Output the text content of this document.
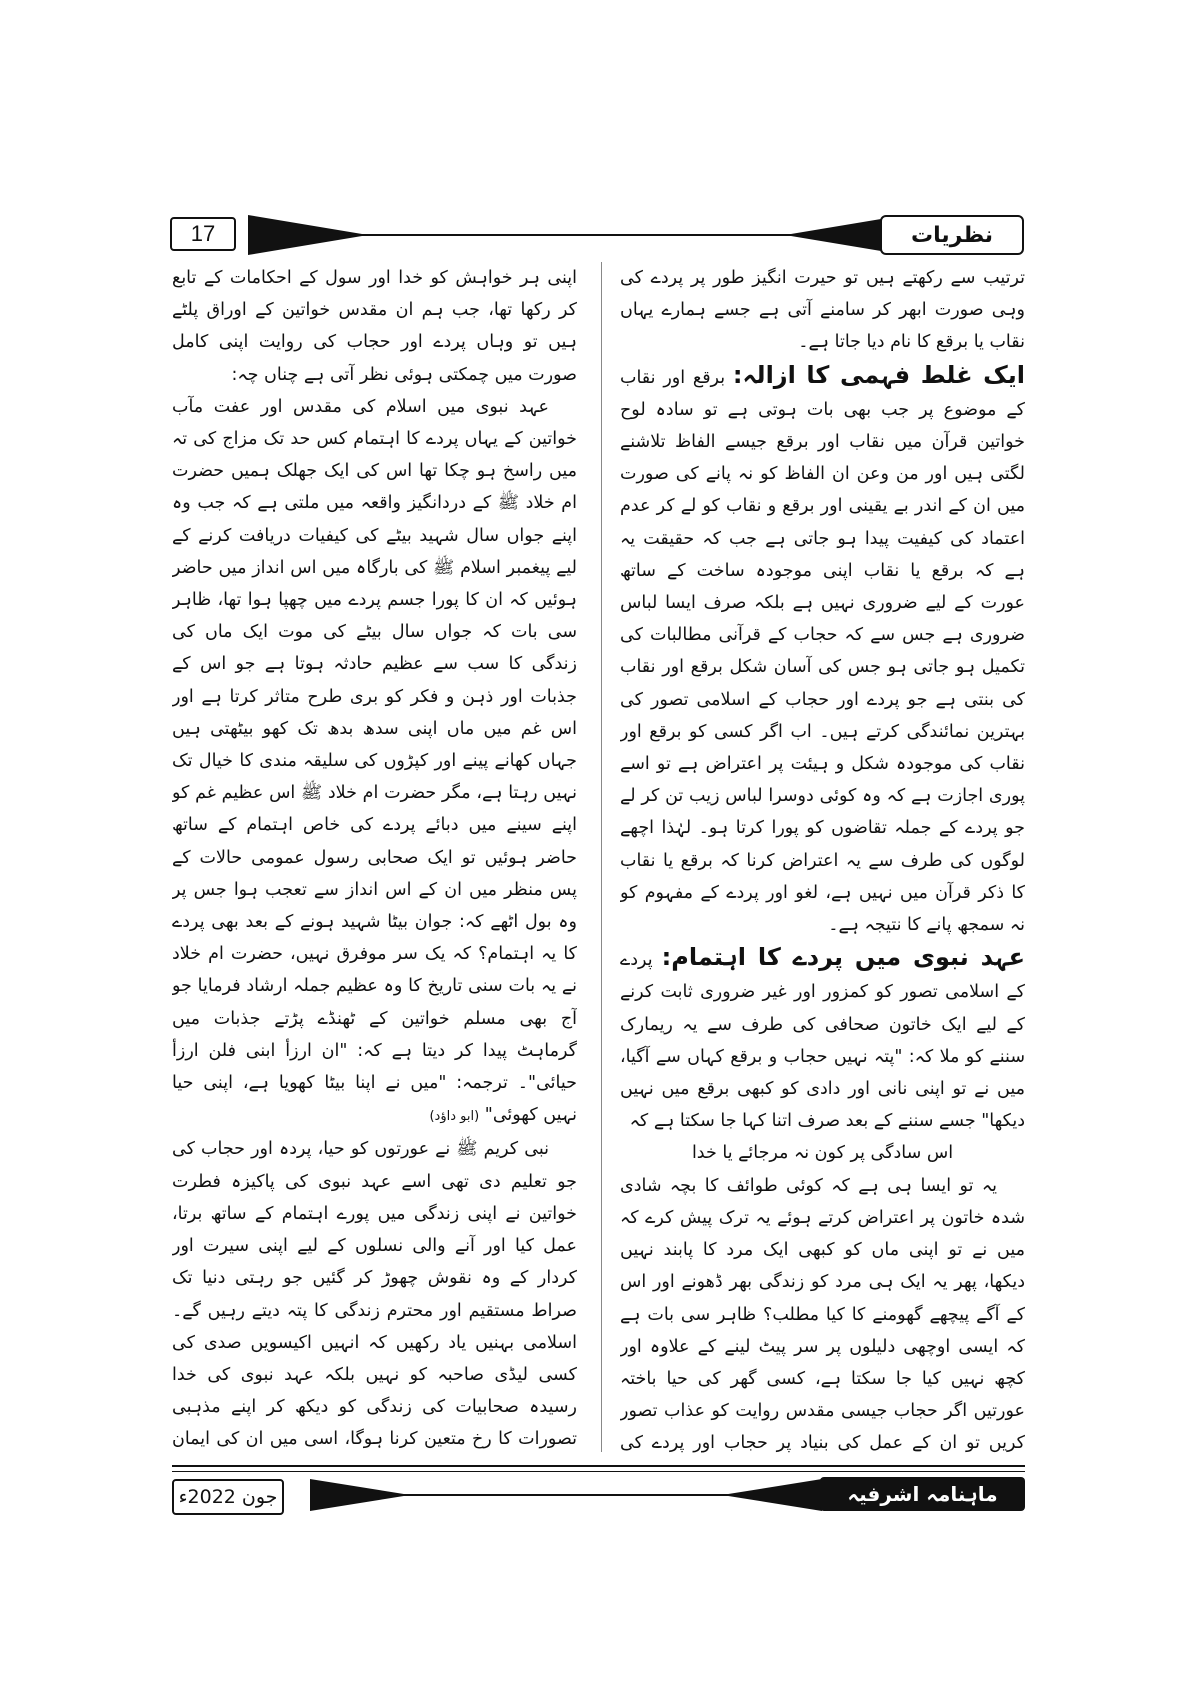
17	نظریات

ترتیب سے رکھتے ہیں تو حیرت انگیز طور پر پردے کی وہی صورت ابھر کر سامنے آتی ہے جسے ہمارے یہاں نقاب یا برقع کا نام دیا جاتا ہے۔

ایک غلط فہمی کا ازالہ: برقع اور نقاب کے موضوع پر جب بھی بات ہوتی ہے تو سادہ لوح خواتین قرآن میں نقاب اور برقع جیسے الفاظ تلاشنے لگتی ہیں اور من وعن ان الفاظ کو نہ پانے کی صورت میں ان کے اندر بے یقینی اور برقع و نقاب کو لے کر عدم اعتماد کی کیفیت پیدا ہو جاتی ہے جب کہ حقیقت یہ ہے کہ برقع یا نقاب اپنی موجودہ ساخت کے ساتھ عورت کے لیے ضروری نہیں ہے بلکہ صرف ایسا لباس ضروری ہے جس سے کہ حجاب کے قرآنی مطالبات کی تکمیل ہو جاتی ہو جس کی آسان شکل برقع اور نقاب کی بنتی ہے جو پردے اور حجاب کے اسلامی تصور کی بہترین نمائندگی کرتے ہیں۔ اب اگر کسی کو برقع اور نقاب کی موجودہ شکل و ہیئت پر اعتراض ہے تو اسے پوری اجازت ہے کہ وہ کوئی دوسرا لباس زیب تن کر لے جو پردے کے جملہ تقاضوں کو پورا کرتا ہو۔ لہٰذا اچھے لوگوں کی طرف سے یہ اعتراض کرنا کہ برقع یا نقاب کا ذکر قرآن میں نہیں ہے، لغو اور پردے کے مفہوم کو نہ سمجھ پانے کا نتیجہ ہے۔

عہد نبوی میں پردے کا اہتمام: پردے کے اسلامی تصور کو کمزور اور غیر ضروری ثابت کرنے کے لیے ایک خاتون صحافی کی طرف سے یہ ریمارک سننے کو ملا کہ: "پتہ نہیں حجاب و برقع کہاں سے آگیا، میں نے تو اپنی نانی اور دادی کو کبھی برقع میں نہیں دیکھا" جسے سننے کے بعد صرف اتنا کہا جا سکتا ہے کہ

اس سادگی پر کون نہ مرجائے یا خدا

یہ تو ایسا ہی ہے کہ کوئی طوائف کا بچہ شادی شدہ خاتون پر اعتراض کرتے ہوئے یہ ترک پیش کرے کہ میں نے تو اپنی ماں کو کبھی ایک مرد کا پابند نہیں دیکھا، پھر یہ ایک ہی مرد کو زندگی بھر ڈھونے اور اس کے آگے پیچھے گھومنے کا کیا مطلب؟ ظاہر سی بات ہے کہ ایسی اوچھی دلیلوں پر سر پیٹ لینے کے علاوہ اور کچھ نہیں کیا جا سکتا ہے، کسی گھر کی حیا باختہ عورتیں اگر حجاب جیسی مقدس روایت کو عذاب تصور کریں تو ان کے عمل کی بنیاد پر حجاب اور پردے کی

اپنی ہر خواہش کو خدا اور سول کے احکامات کے تابع کر رکھا تھا، جب ہم ان مقدس خواتین کے اوراق پلٹے ہیں تو وہاں پردے اور حجاب کی روایت اپنی کامل صورت میں چمکتی ہوئی نظر آتی ہے چناں چہ:

عہد نبوی میں اسلام کی مقدس اور عفت مآب خواتین کے یہاں پردے کا اہتمام کس حد تک مزاج کی تہ میں راسخ ہو چکا تھا اس کی ایک جھلک ہمیں حضرت ام خلاد ﷺ کے دردانگیز واقعہ میں ملتی ہے کہ جب وہ اپنے جواں سال شہید بیٹے کی کیفیات دریافت کرنے کے لیے پیغمبر اسلام ﷺ کی بارگاہ میں اس انداز میں حاضر ہوئیں کہ ان کا پورا جسم پردے میں چھپا ہوا تھا، ظاہر سی بات کہ جواں سال بیٹے کی موت ایک ماں کی زندگی کا سب سے عظیم حادثہ ہوتا ہے جو اس کے جذبات اور ذہن و فکر کو بری طرح متاثر کرتا ہے اور اس غم میں ماں اپنی سدھ بدھ تک کھو بیٹھتی ہیں جہاں کھانے پینے اور کپڑوں کی سلیقہ مندی کا خیال تک نہیں رہتا ہے، مگر حضرت ام خلاد ﷺ اس عظیم غم کو اپنے سینے میں دبائے پردے کی خاص اہتمام کے ساتھ حاضر ہوئیں تو ایک صحابی رسول عمومی حالات کے پس منظر میں ان کے اس انداز سے تعجب ہوا جس پر وہ بول اٹھے کہ: جوان بیٹا شہید ہونے کے بعد بھی پردے کا یہ اہتمام؟ کہ یک سر موفرق نہیں، حضرت ام خلاد نے یہ بات سنی تاریخ کا وہ عظیم جملہ ارشاد فرمایا جو آج بھی مسلم خواتین کے ٹھنڈے پڑتے جذبات میں گرماہٹ پیدا کر دیتا ہے کہ: "ان ارزأ ابنی فلن ارزأ حیائی"۔ ترجمہ: "میں نے اپنا بیٹا کھویا ہے، اپنی حیا نہیں کھوئی" (ابو داؤد)

نبی کریم ﷺ نے عورتوں کو حیا، پردہ اور حجاب کی جو تعلیم دی تھی اسے عہد نبوی کی پاکیزہ فطرت خواتین نے اپنی زندگی میں پورے اہتمام کے ساتھ برتا، عمل کیا اور آنے والی نسلوں کے لیے اپنی سیرت اور کردار کے وہ نقوش چھوڑ کر گئیں جو رہتی دنیا تک صراط مستقیم اور محترم زندگی کا پتہ دیتے رہیں گے۔ اسلامی بہنیں یاد رکھیں کہ انہیں اکیسویں صدی کی کسی لیڈی صاحبہ کو نہیں بلکہ عہد نبوی کی خدا رسیدہ صحابیات کی زندگی کو دیکھ کر اپنے مذہبی تصورات کا رخ متعین کرنا ہوگا، اسی میں ان کی ایمان

جون 2022ء	ماہنامہ اشرفیہ
